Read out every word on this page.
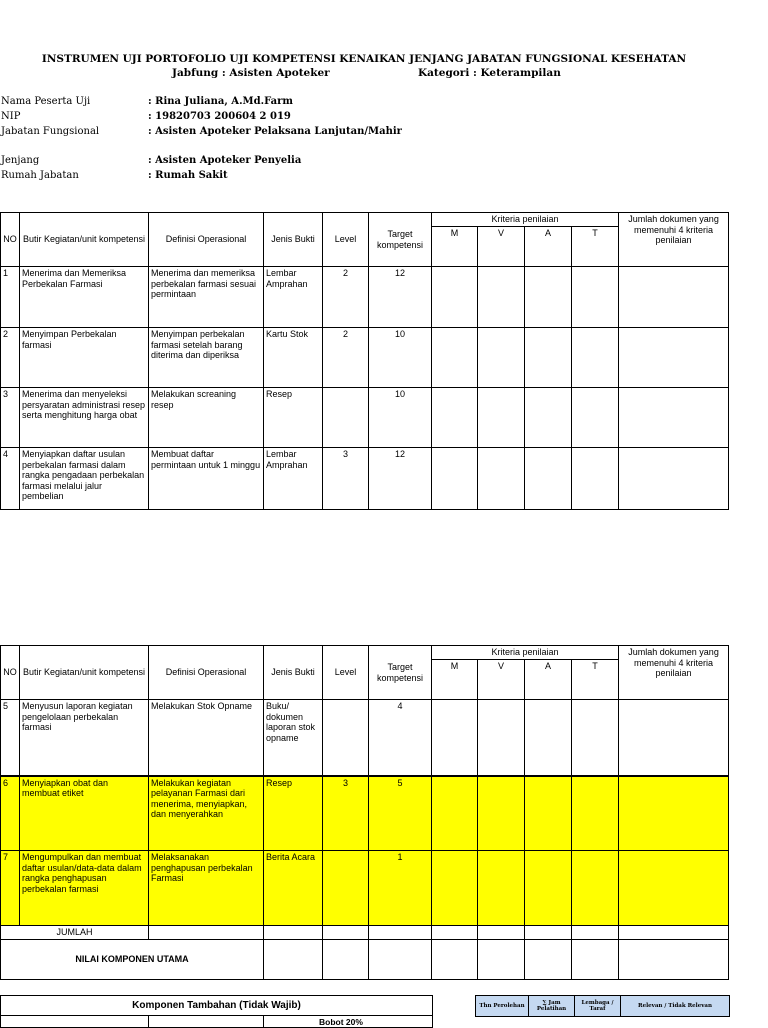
INSTRUMEN UJI PORTOFOLIO UJI KOMPETENSI KENAIKAN JENJANG JABATAN FUNGSIONAL KESEHATAN
Jabfung : Asisten Apoteker	Kategori : Keterampilan
Nama Peserta Uji	: Rina Juliana, A.Md.Farm
NIP	: 19820703 200604 2 019
Jabatan Fungsional	: Asisten Apoteker Pelaksana Lanjutan/Mahir
Jenjang	: Asisten Apoteker Penyelia
Rumah Jabatan	: Rumah Sakit
NO	Butir Kegiatan/unit kompetensi	Definisi Operasional	Jenis Bukti	Level	Target kompetensi	Kriteria penilaian				Jumlah dokumen yang memenuhi 4 kriteria penilaian
						M	V	A	T	
1	Menerima dan Memeriksa Perbekalan Farmasi	Menerima dan memeriksa perbekalan farmasi sesuai permintaan	Lembar Amprahan	2	12					
2	Menyimpan Perbekalan farmasi	Menyimpan perbekalan farmasi setelah barang diterima dan diperiksa	Kartu Stok	2	10					
3	Menerima dan menyeleksi persyaratan administrasi resep serta menghitung harga obat	Melakukan screaning resep	Resep		10					
4	Menyiapkan daftar usulan perbekalan farmasi dalam rangka pengadaan perbekalan farmasi melalui jalur pembelian	Membuat daftar permintaan untuk 1 minggu	Lembar Amprahan	3	12					
NO	Butir Kegiatan/unit kompetensi	Definisi Operasional	Jenis Bukti	Level	Target kompetensi	Kriteria penilaian				Jumlah dokumen yang memenuhi 4 kriteria penilaian
						M	V	A	T	
5	Menyusun laporan kegiatan pengelolaan perbekalan farmasi	Melakukan Stok Opname	Buku/ dokumen laporan stok opname		4					
6	Menyiapkan obat dan membuat etiket	Melakukan kegiatan pelayanan Farmasi dari menerima, menyiapkan, dan menyerahkan	Resep	3	5					
7	Mengumpulkan dan membuat daftar usulan/data-data dalam rangka penghapusan perbekalan farmasi	Melaksanakan penghapusan perbekalan Farmasi	Berita Acara		1					
JUMLAH										
NILAI KOMPONEN UTAMA										
Komponen Tambahan (Tidak Wajib)
		Bobot 20%
Thn Perolehan	∑ Jam Pelatihan	Lembaga / Taraf	Relevan / Tidak Relevan
